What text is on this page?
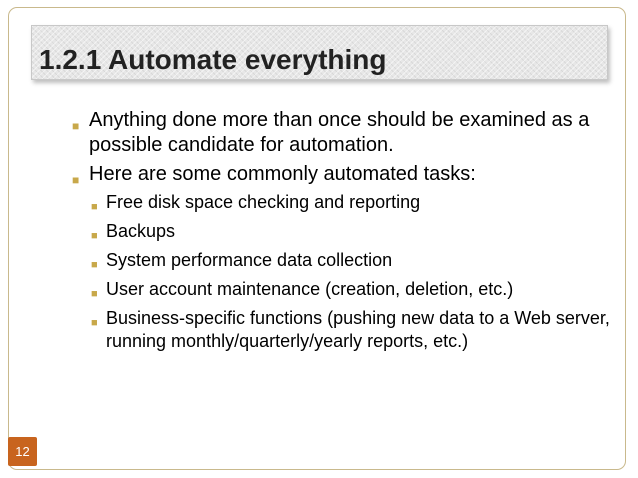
1.2.1 Automate everything
■ Anything done more than once should be examined as a possible candidate for automation.
■ Here are some commonly automated tasks:
■ Free disk space checking and reporting
■ Backups
■ System performance data collection
■ User account maintenance (creation, deletion, etc.)
■ Business-specific functions (pushing new data to a Web server, running monthly/quarterly/yearly reports, etc.)
12
